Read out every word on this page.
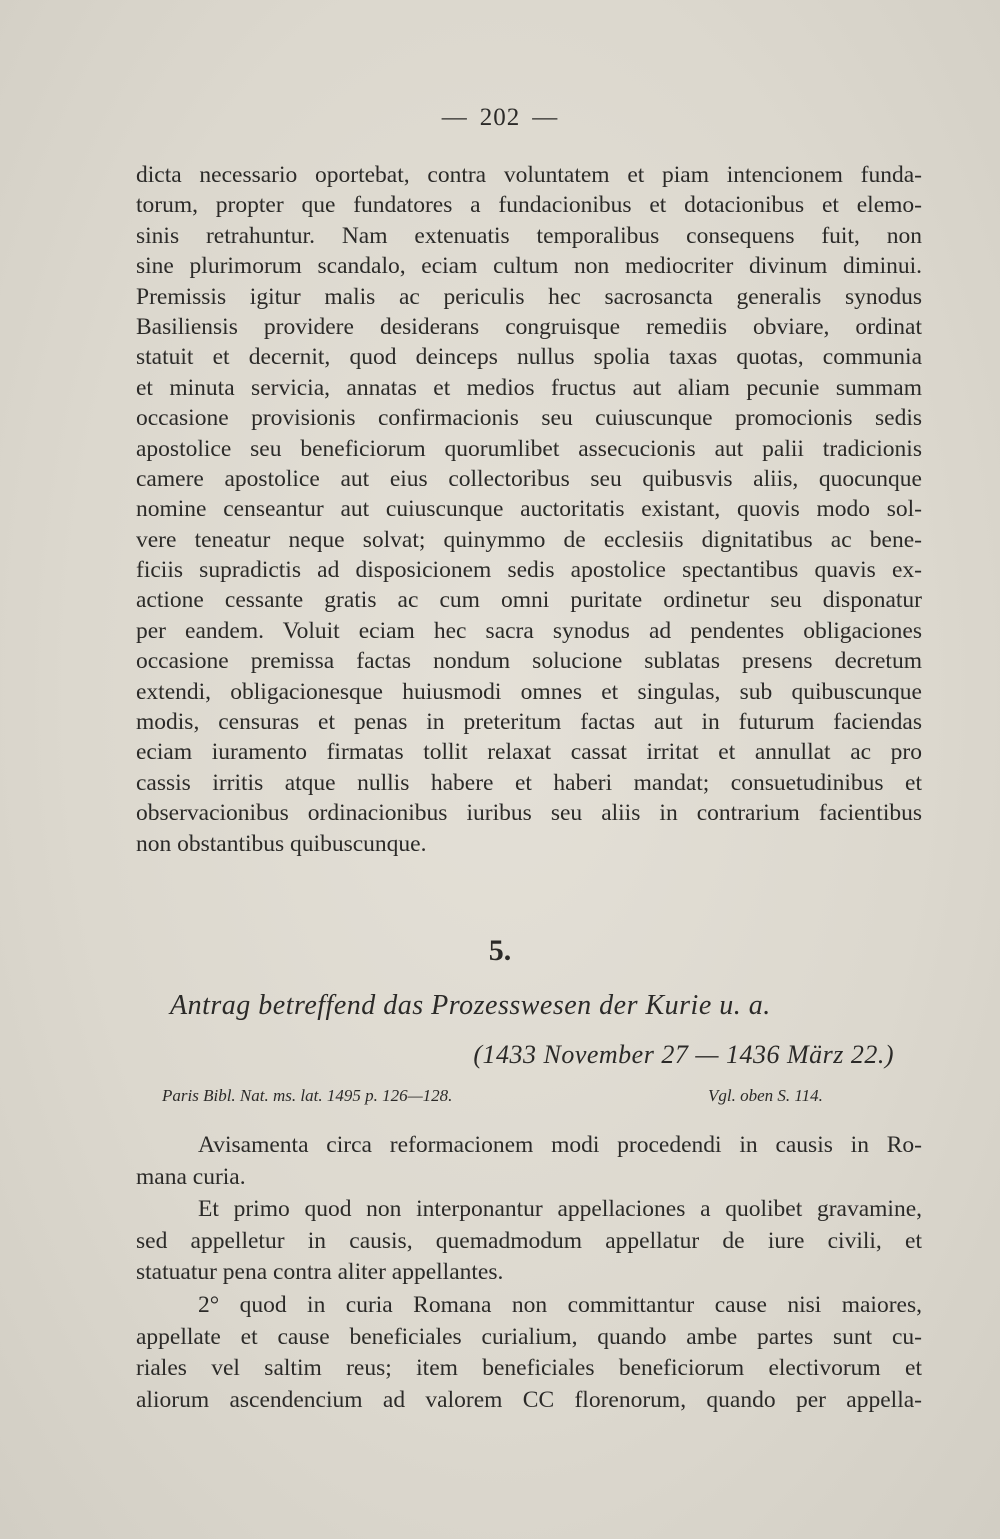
— 202 —
dicta necessario oportebat, contra voluntatem et piam intencionem funda-
torum, propter que fundatores a fundacionibus et dotacionibus et elemo-
sinis retrahuntur. Nam extenuatis temporalibus consequens fuit, non
sine plurimorum scandalo, eciam cultum non mediocriter divinum diminui.
Premissis igitur malis ac periculis hec sacrosancta generalis synodus
Basiliensis providere desiderans congruisque remediis obviare, ordinat
statuit et decernit, quod deinceps nullus spolia taxas quotas, communia
et minuta servicia, annatas et medios fructus aut aliam pecunie summam
occasione provisionis confirmacionis seu cuiuscunque promocionis sedis
apostolice seu beneficiorum quorumlibet assecucionis aut palii tradicionis
camere apostolice aut eius collectoribus seu quibusvis aliis, quocunque
nomine censeantur aut cuiuscunque auctoritatis existant, quovis modo sol-
vere teneatur neque solvat; quinymmo de ecclesiis dignitatibus ac bene-
ficiis supradictis ad disposicionem sedis apostolice spectantibus quavis ex-
actione cessante gratis ac cum omni puritate ordinetur seu disponatur
per eandem. Voluit eciam hec sacra synodus ad pendentes obligaciones
occasione premissa factas nondum solucione sublatas presens decretum
extendi, obligacionesque huiusmodi omnes et singulas, sub quibuscunque
modis, censuras et penas in preteritum factas aut in futurum faciendas
eciam iuramento firmatas tollit relaxat cassat irritat et annullat ac pro
cassis irritis atque nullis habere et haberi mandat; consuetudinibus et
observacionibus ordinacionibus iuribus seu aliis in contrarium facientibus
non obstantibus quibuscunque.
5.
Antrag betreffend das Prozesswesen der Kurie u. a.
(1433 November 27 — 1436 März 22.)
Paris Bibl. Nat. ms. lat. 1495 p. 126—128.	Vgl. oben S. 114.
Avisamenta circa reformacionem modi procedendi in causis in Ro-
mana curia.
Et primo quod non interponantur appellaciones a quolibet gravamine,
sed appelletur in causis, quemadmodum appellatur de iure civili, et
statuatur pena contra aliter appellantes.
2° quod in curia Romana non committantur cause nisi maiores,
appellate et cause beneficiales curialium, quando ambe partes sunt cu-
riales vel saltim reus; item beneficiales beneficiorum electivorum et
aliorum ascendencium ad valorem CC florenorum, quando per appella-
